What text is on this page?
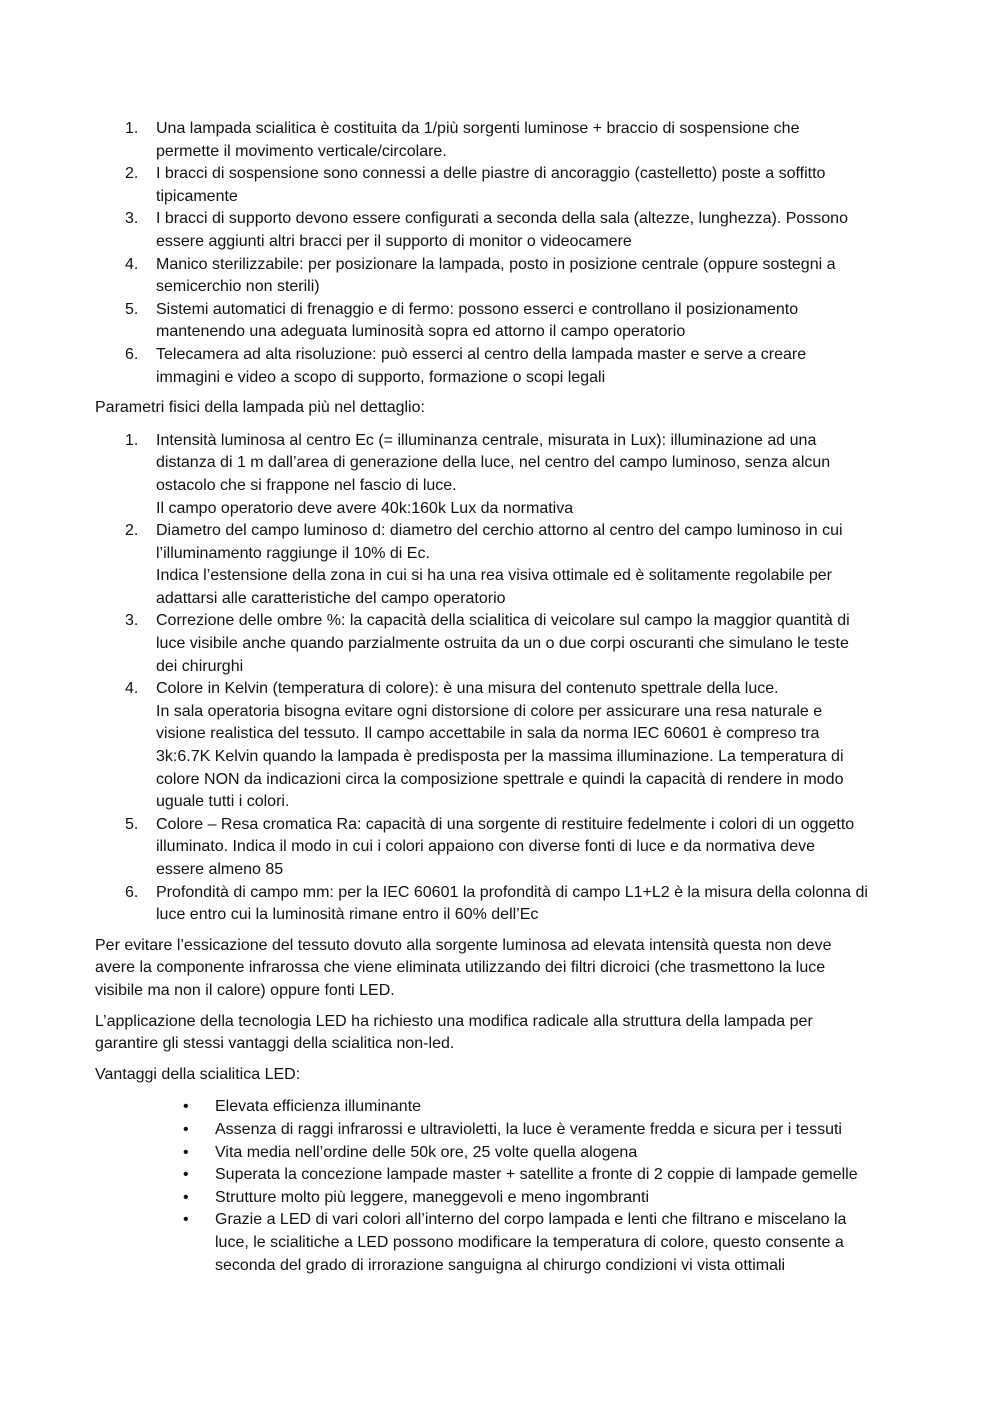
1.	Una lampada scialitica è costituita da 1/più sorgenti luminose + braccio di sospensione che
permette il movimento verticale/circolare.
2.	I bracci di sospensione sono connessi a delle piastre di ancoraggio (castelletto) poste a soffitto
tipicamente
3.	I bracci di supporto devono essere configurati a seconda della sala (altezze, lunghezza). Possono
essere aggiunti altri bracci per il supporto di monitor o videocamere
4.	Manico sterilizzabile: per posizionare la lampada, posto in posizione centrale (oppure sostegni a
semicerchio non sterili)
5.	Sistemi automatici di frenaggio e di fermo: possono esserci e controllano il posizionamento
mantenendo una adeguata luminosità sopra ed attorno il campo operatorio
6.	Telecamera ad alta risoluzione: può esserci al centro della lampada master e serve a creare
immagini e video a scopo di supporto, formazione o scopi legali

Parametri fisici della lampada più nel dettaglio:

1.	Intensità luminosa al centro Ec (= illuminanza centrale, misurata in Lux): illuminazione ad una
distanza di 1 m dall’area di generazione della luce, nel centro del campo luminoso, senza alcun
ostacolo che si frappone nel fascio di luce.
Il campo operatorio deve avere 40k:160k Lux da normativa
2.	Diametro del campo luminoso d: diametro del cerchio attorno al centro del campo luminoso in cui
l’illuminamento raggiunge il 10% di Ec.
Indica l’estensione della zona in cui si ha una rea visiva ottimale ed è solitamente regolabile per
adattarsi alle caratteristiche del campo operatorio
3.	Correzione delle ombre %: la capacità della scialitica di veicolare sul campo la maggior quantità di
luce visibile anche quando parzialmente ostruita da un o due corpi oscuranti che simulano le teste
dei chirurghi
4.	Colore in Kelvin (temperatura di colore): è una misura del contenuto spettrale della luce.
In sala operatoria bisogna evitare ogni distorsione di colore per assicurare una resa naturale e
visione realistica del tessuto. Il campo accettabile in sala da norma IEC 60601 è compreso tra
3k:6.7K Kelvin quando la lampada è predisposta per la massima illuminazione. La temperatura di
colore NON da indicazioni circa la composizione spettrale e quindi la capacità di rendere in modo
uguale tutti i colori.
5.	Colore – Resa cromatica Ra: capacità di una sorgente di restituire fedelmente i colori di un oggetto
illuminato. Indica il modo in cui i colori appaiono con diverse fonti di luce e da normativa deve
essere almeno 85
6.	Profondità di campo mm: per la IEC 60601 la profondità di campo L1+L2 è la misura della colonna di
luce entro cui la luminosità rimane entro il 60% dell’Ec

Per evitare l’essicazione del tessuto dovuto alla sorgente luminosa ad elevata intensità questa non deve
avere la componente infrarossa che viene eliminata utilizzando dei filtri dicroici (che trasmettono la luce
visibile ma non il calore) oppure fonti LED.

L’applicazione della tecnologia LED ha richiesto una modifica radicale alla struttura della lampada per
garantire gli stessi vantaggi della scialitica non-led.

Vantaggi della scialitica LED:

•	Elevata efficienza illuminante
•	Assenza di raggi infrarossi e ultravioletti, la luce è veramente fredda e sicura per i tessuti
•	Vita media nell’ordine delle 50k ore, 25 volte quella alogena
•	Superata la concezione lampade master + satellite a fronte di 2 coppie di lampade gemelle
•	Strutture molto più leggere, maneggevoli e meno ingombranti
•	Grazie a LED di vari colori all’interno del corpo lampada e lenti che filtrano e miscelano la
luce, le scialitiche a LED possono modificare la temperatura di colore, questo consente a
seconda del grado di irrorazione sanguigna al chirurgo condizioni vi vista ottimali
